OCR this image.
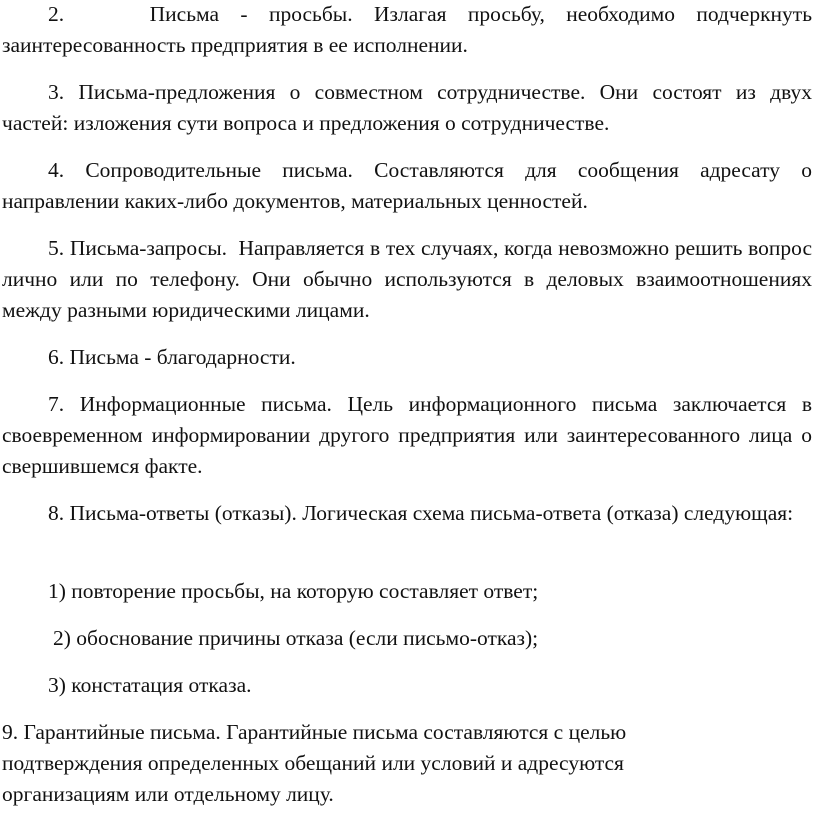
2.    Письма - просьбы. Излагая просьбу, необходимо подчеркнуть заинтересованность предприятия в ее исполнении.

3. Письма-предложения о совместном сотрудничестве. Они состоят из двух частей: изложения сути вопроса и предложения о сотрудничестве.

4. Сопроводительные письма. Составляются для сообщения адресату о направлении каких-либо документов, материальных ценностей.

5. Письма-запросы.  Направляется в тех случаях, когда невозможно решить вопрос лично или по телефону. Они обычно используются в деловых взаимоотношениях между разными юридическими лицами.

6. Письма - благодарности.

7. Информационные письма. Цель информационного письма заключается в своевременном информировании другого предприятия или заинтересованного лица о свершившемся факте.

8. Письма-ответы (отказы). Логическая схема письма-ответа (отказа) следующая:

1) повторение просьбы, на которую составляет ответ;

2) обоснование причины отказа (если письмо-отказ);

3) констатация отказа.

9. Гарантийные письма. Гарантийные письма составляются с целью подтверждения определенных обещаний или условий и адресуются организациям или отдельному лицу.
